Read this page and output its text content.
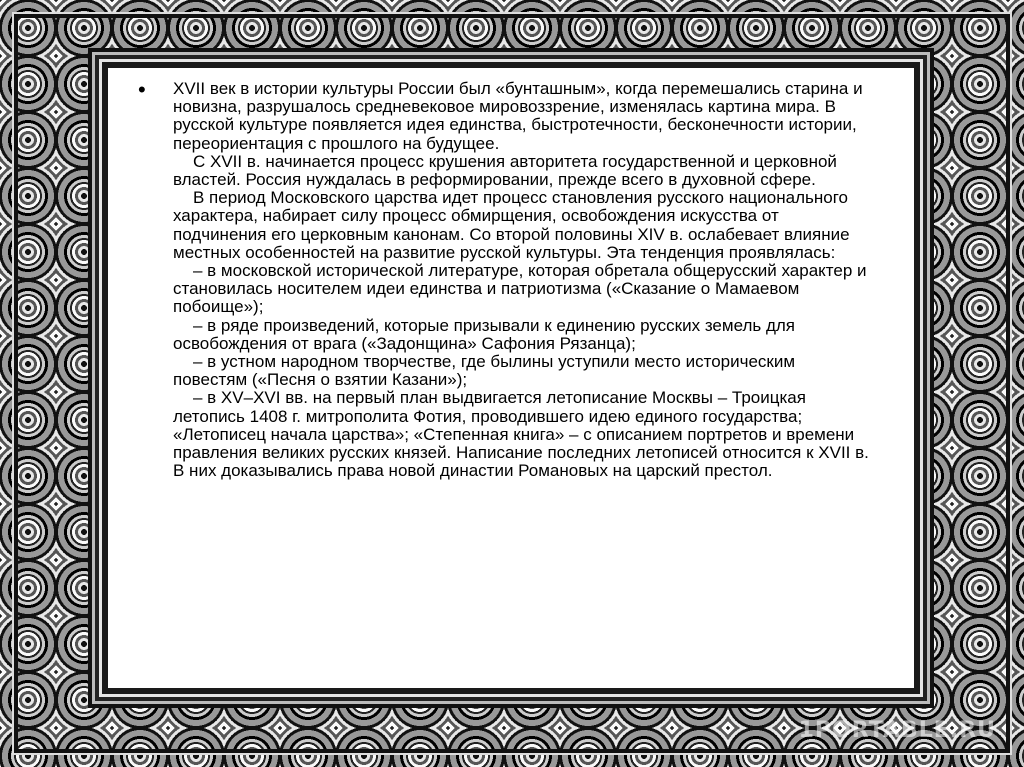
• XVII век в истории культуры России был «бунташным», когда перемешались старина и новизна, разрушалось средневековое мировоззрение, изменялась картина мира. В русской культуре появляется идея единства, быстротечности, бесконечности истории, переориентация с прошлого на будущее.

С XVII в. начинается процесс крушения авторитета государственной и церковной властей. Россия нуждалась в реформировании, прежде всего в духовной сфере.

В период Московского царства идет процесс становления русского национального характера, набирает силу процесс обмирщения, освобождения искусства от подчинения его церковным канонам. Со второй половины XIV в. ослабевает влияние местных особенностей на развитие русской культуры. Эта тенденция проявлялась:

– в московской исторической литературе, которая обретала общерусский характер и становилась носителем идеи единства и патриотизма («Сказание о Мамаевом побоище»);

– в ряде произведений, которые призывали к единению русских земель для освобождения от врага («Задонщина» Сафония Рязанца);

– в устном народном творчестве, где былины уступили место историческим повестям («Песня о взятии Казани»);

– в XV–XVI вв. на первый план выдвигается летописание Москвы – Троицкая летопись 1408 г. митрополита Фотия, проводившего идею единого государства; «Летописец начала царства»; «Степенная книга» – с описанием портретов и времени правления великих русских князей. Написание последних летописей относится к XVII в. В них доказывались права новой династии Романовых на царский престол.

1PORTABLE.RU
